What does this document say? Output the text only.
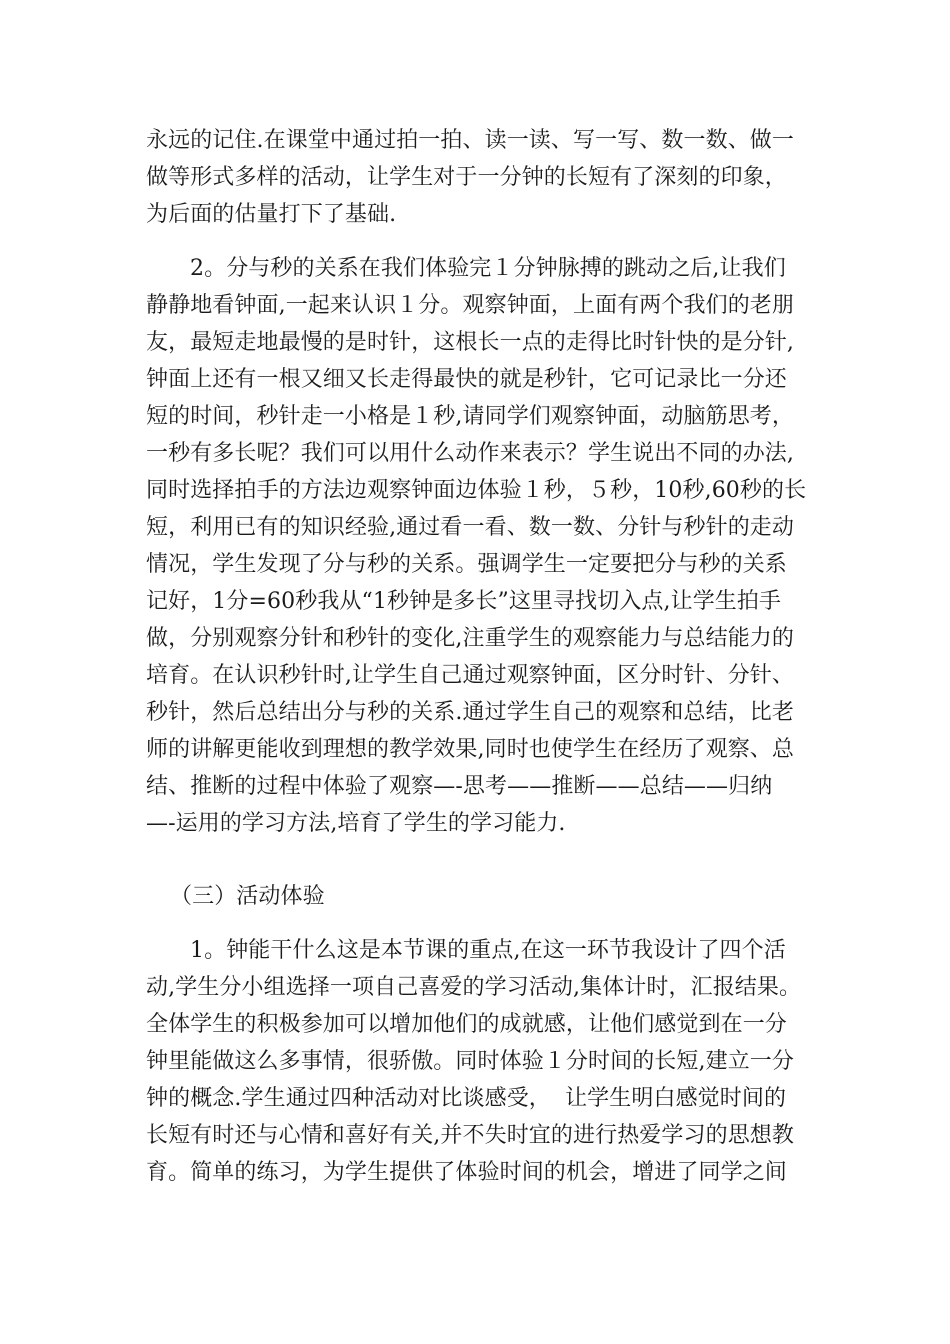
永远的记住.在课堂中通过拍一拍、读一读、写一写、数一数、做一
做等形式多样的活动，让学生对于一分钟的长短有了深刻的印象，
为后面的估量打下了基础.
2。分与秒的关系在我们体验完１分钟脉搏的跳动之后,让我们
静静地看钟面,一起来认识１分。观察钟面，上面有两个我们的老朋
友，最短走地最慢的是时针，这根长一点的走得比时针快的是分针,
钟面上还有一根又细又长走得最快的就是秒针，它可记录比一分还
短的时间，秒针走一小格是１秒,请同学们观察钟面，动脑筋思考，
一秒有多长呢？我们可以用什么动作来表示？学生说出不同的办法,
同时选择拍手的方法边观察钟面边体验１秒，５秒，10秒,60秒的长
短，利用已有的知识经验,通过看一看、数一数、分针与秒针的走动
情况，学生发现了分与秒的关系。强调学生一定要把分与秒的关系
记好，1分=60秒我从“1秒钟是多长”这里寻找切入点,让学生拍手
做，分别观察分针和秒针的变化,注重学生的观察能力与总结能力的
培育。在认识秒针时,让学生自己通过观察钟面，区分时针、分针、
秒针，然后总结出分与秒的关系.通过学生自己的观察和总结，比老
师的讲解更能收到理想的教学效果,同时也使学生在经历了观察、总
结、推断的过程中体验了观察—-思考——推断——总结——归纳
—-运用的学习方法,培育了学生的学习能力.
（三）活动体验
1。钟能干什么这是本节课的重点,在这一环节我设计了四个活
动,学生分小组选择一项自己喜爱的学习活动,集体计时，汇报结果。
全体学生的积极参加可以增加他们的成就感，让他们感觉到在一分
钟里能做这么多事情，很骄傲。同时体验１分时间的长短,建立一分
钟的概念.学生通过四种活动对比谈感受，  让学生明白感觉时间的
长短有时还与心情和喜好有关,并不失时宜的进行热爱学习的思想教
育。简单的练习，为学生提供了体验时间的机会，增进了同学之间
